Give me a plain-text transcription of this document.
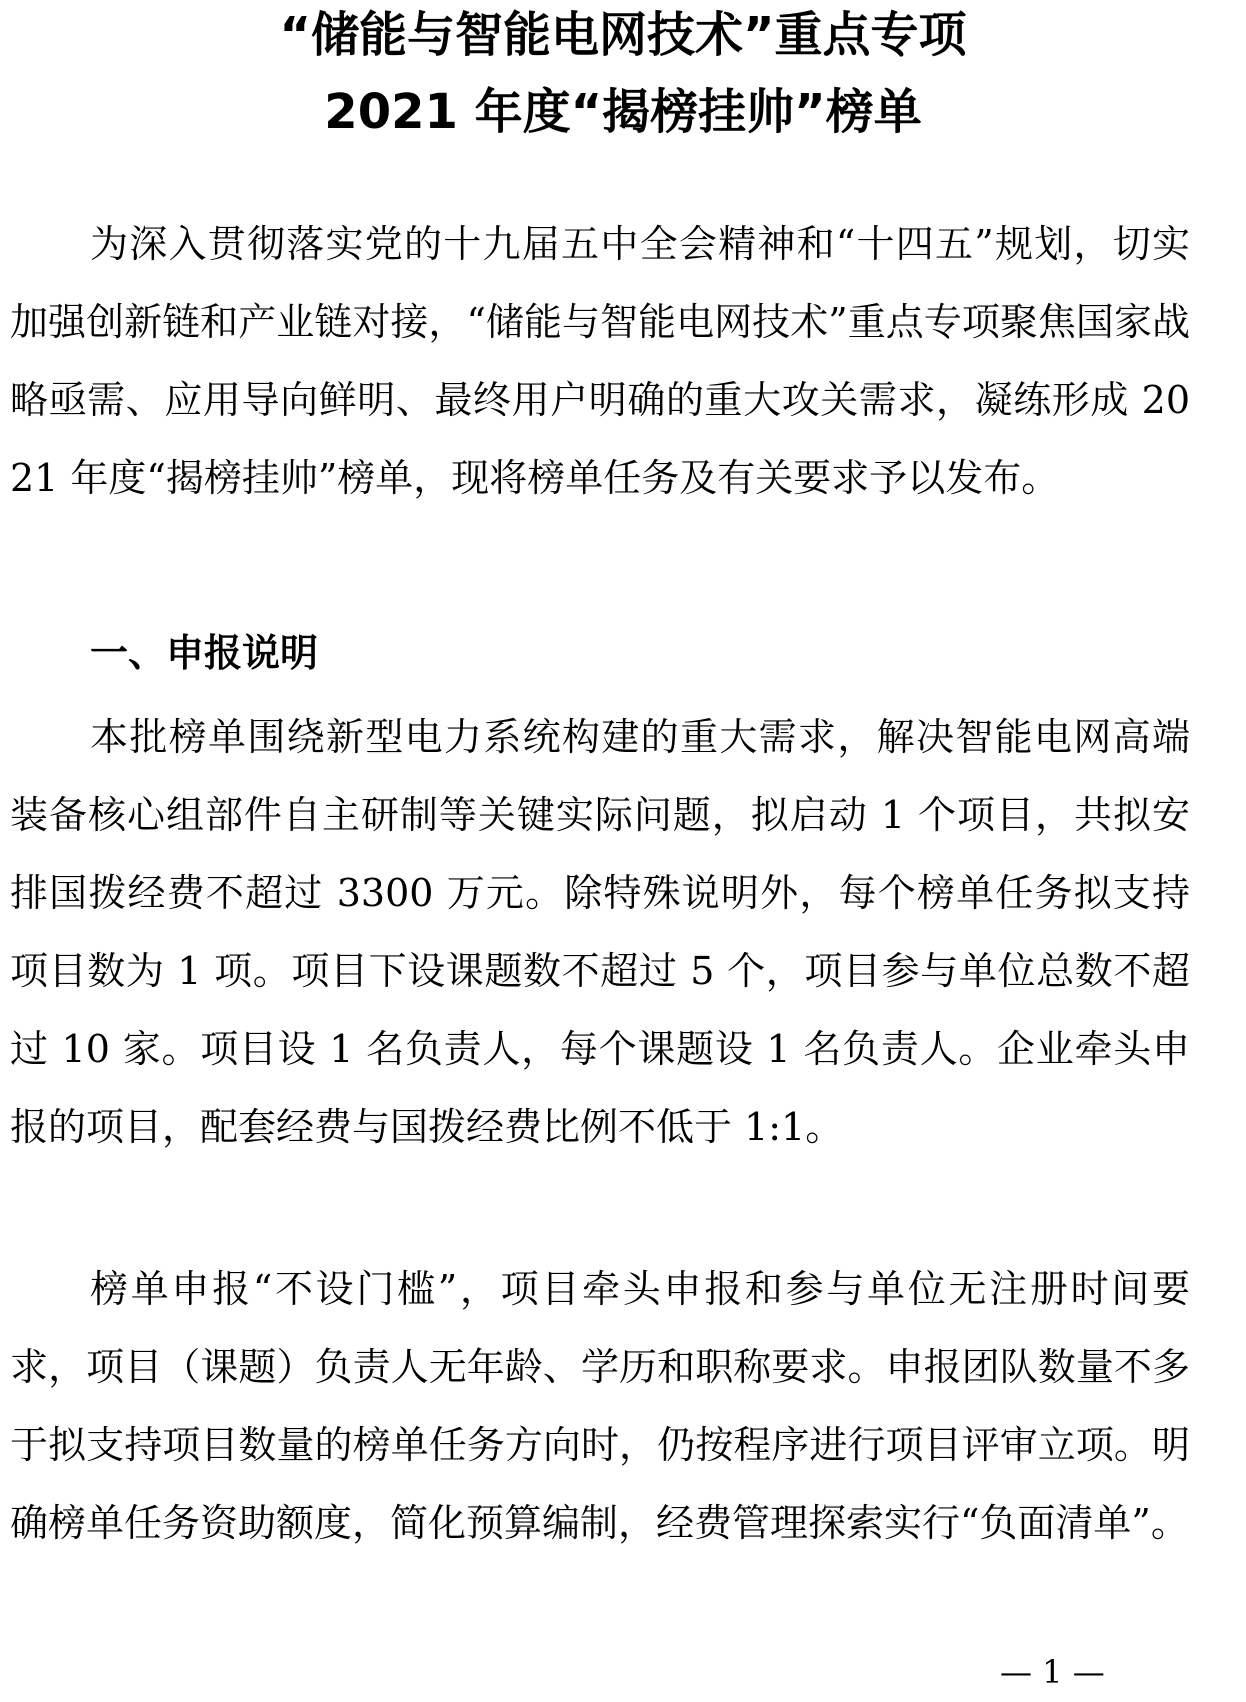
“储能与智能电网技术”重点专项
2021 年度“揭榜挂帅”榜单

为深入贯彻落实党的十九届五中全会精神和“十四五”规划，切实加强创新链和产业链对接，“储能与智能电网技术”重点专项聚焦国家战略亟需、应用导向鲜明、最终用户明确的重大攻关需求，凝练形成 2021 年度“揭榜挂帅”榜单，现将榜单任务及有关要求予以发布。

一、申报说明

本批榜单围绕新型电力系统构建的重大需求，解决智能电网高端装备核心组部件自主研制等关键实际问题，拟启动 1 个项目，共拟安排国拨经费不超过 3300 万元。除特殊说明外，每个榜单任务拟支持项目数为 1 项。项目下设课题数不超过 5 个，项目参与单位总数不超过 10 家。项目设 1 名负责人，每个课题设 1 名负责人。企业牵头申报的项目，配套经费与国拨经费比例不低于 1:1。

榜单申报“不设门槛”，项目牵头申报和参与单位无注册时间要求，项目（课题）负责人无年龄、学历和职称要求。申报团队数量不多于拟支持项目数量的榜单任务方向时，仍按程序进行项目评审立项。明确榜单任务资助额度，简化预算编制，经费管理探索实行“负面清单”。

— 1 —
